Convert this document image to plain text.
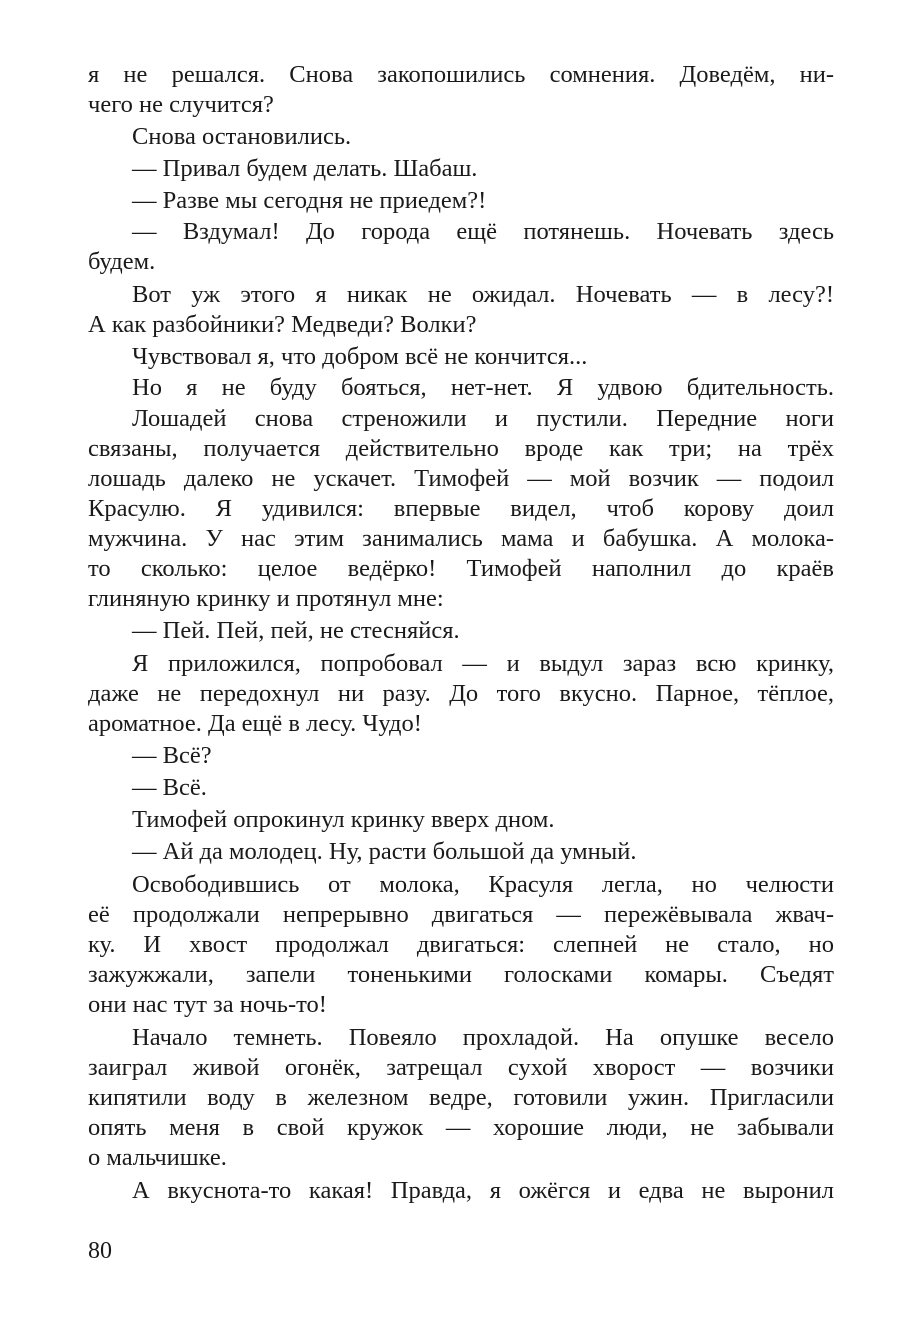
я не решался. Снова закопошились сомнения. Доведём, ни-
чего не случится?
Снова остановились.
— Привал будем делать. Шабаш.
— Разве мы сегодня не приедем?!
— Вздумал! До города ещё потянешь. Ночевать здесь
будем.
Вот уж этого я никак не ожидал. Ночевать — в лесу?!
А как разбойники? Медведи? Волки?
Чувствовал я, что добром всё не кончится...
Но я не буду бояться, нет-нет. Я удвою бдительность.
Лошадей снова стреножили и пустили. Передние ноги
связаны, получается действительно вроде как три; на трёх
лошадь далеко не ускачет. Тимофей — мой возчик — подоил
Красулю. Я удивился: впервые видел, чтоб корову доил
мужчина. У нас этим занимались мама и бабушка. А молока-
то сколько: целое ведёрко! Тимофей наполнил до краёв
глиняную кринку и протянул мне:
— Пей. Пей, пей, не стесняйся.
Я приложился, попробовал — и выдул зараз всю кринку,
даже не передохнул ни разу. До того вкусно. Парное, тёплое,
ароматное. Да ещё в лесу. Чудо!
— Всё?
— Всё.
Тимофей опрокинул кринку вверх дном.
— Ай да молодец. Ну, расти большой да умный.
Освободившись от молока, Красуля легла, но челюсти
её продолжали непрерывно двигаться — пережёвывала жвач-
ку. И хвост продолжал двигаться: слепней не стало, но
зажужжали, запели тоненькими голосками комары. Съедят
они нас тут за ночь-то!
Начало темнеть. Повеяло прохладой. На опушке весело
заиграл живой огонёк, затрещал сухой хворост — возчики
кипятили воду в железном ведре, готовили ужин. Пригласили
опять меня в свой кружок — хорошие люди, не забывали
о мальчишке.
А вкуснота-то какая! Правда, я ожёгся и едва не выронил
80
